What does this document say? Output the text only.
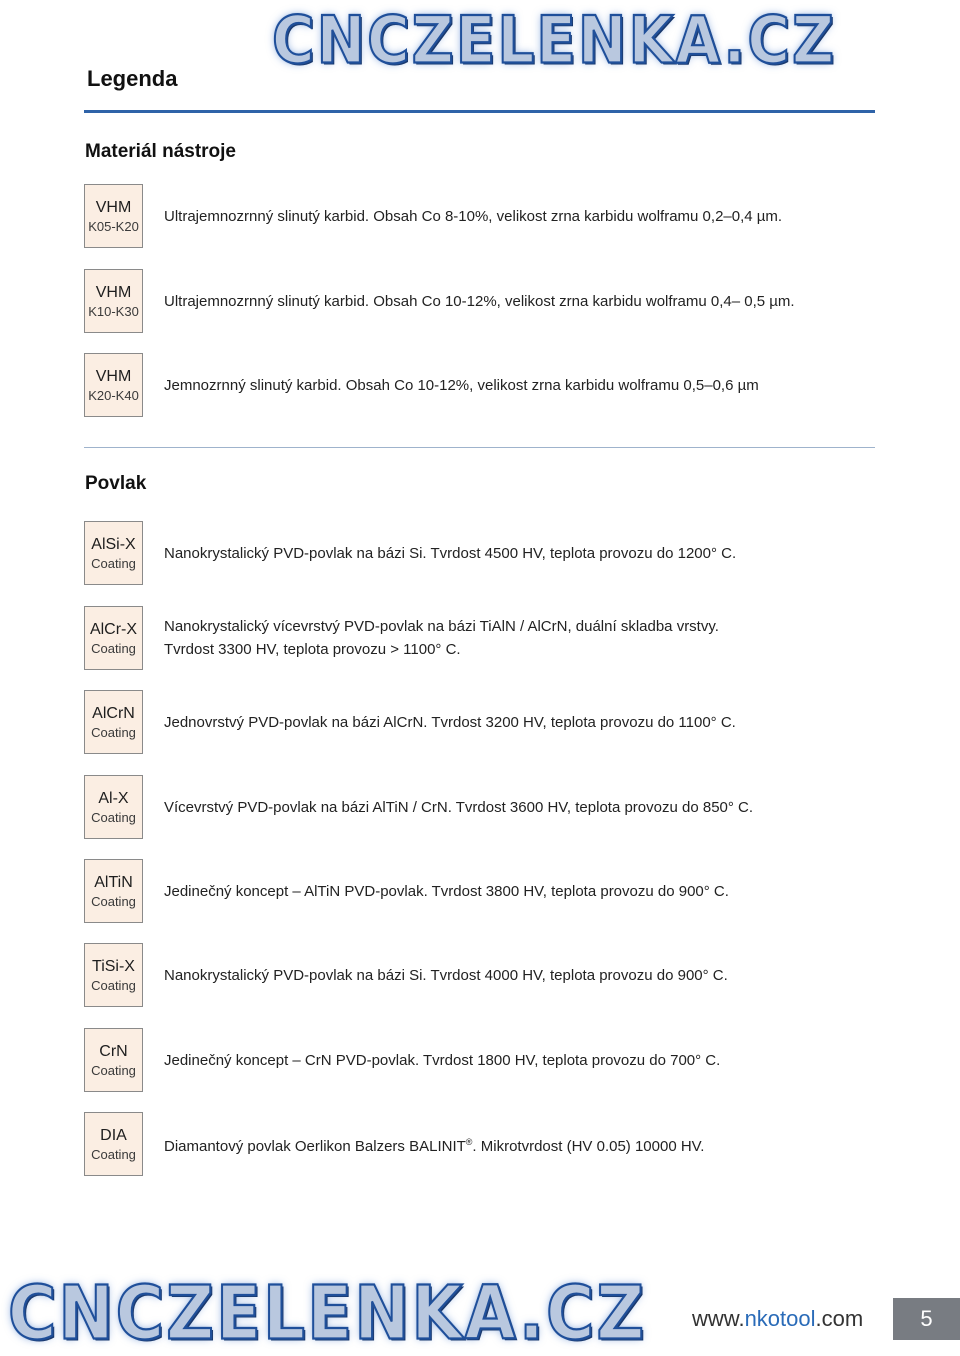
CNCZELENKA.CZ
Legenda
Materiál nástroje
VHM
K05-K20
Ultrajemnozrnný slinutý karbid. Obsah Co 8-10%, velikost zrna karbidu wolframu 0,2–0,4 µm.
VHM
K10-K30
Ultrajemnozrnný slinutý karbid. Obsah Co 10-12%, velikost zrna karbidu wolframu 0,4– 0,5 µm.
VHM
K20-K40
Jemnozrnný slinutý karbid. Obsah Co 10-12%, velikost zrna karbidu wolframu 0,5–0,6 µm
Povlak
AlSi-X
Coating
Nanokrystalický PVD-povlak na bázi Si. Tvrdost 4500 HV, teplota provozu do 1200° C.
AlCr-X
Coating
Nanokrystalický vícevrstvý PVD-povlak na bázi TiAlN / AlCrN, duální skladba vrstvy.
Tvrdost 3300 HV, teplota provozu > 1100° C.
AlCrN
Coating
Jednovrstvý PVD-povlak na bázi AlCrN. Tvrdost 3200 HV, teplota provozu do 1100° C.
Al-X
Coating
Vícevrstvý PVD-povlak na bázi AlTiN / CrN. Tvrdost 3600 HV, teplota provozu do 850° C.
AlTiN
Coating
Jedinečný koncept – AlTiN PVD-povlak. Tvrdost 3800 HV, teplota provozu do 900° C.
TiSi-X
Coating
Nanokrystalický PVD-povlak na bázi Si. Tvrdost 4000 HV, teplota provozu do 900° C.
CrN
Coating
Jedinečný koncept – CrN PVD-povlak. Tvrdost 1800 HV, teplota provozu do 700° C.
DIA
Coating Diamantový povlak Oerlikon Balzers BALINIT®. Mikrotvrdost (HV 0.05) 10000 HV.
CNCZELENKA.CZ www.nkotool.com	5
